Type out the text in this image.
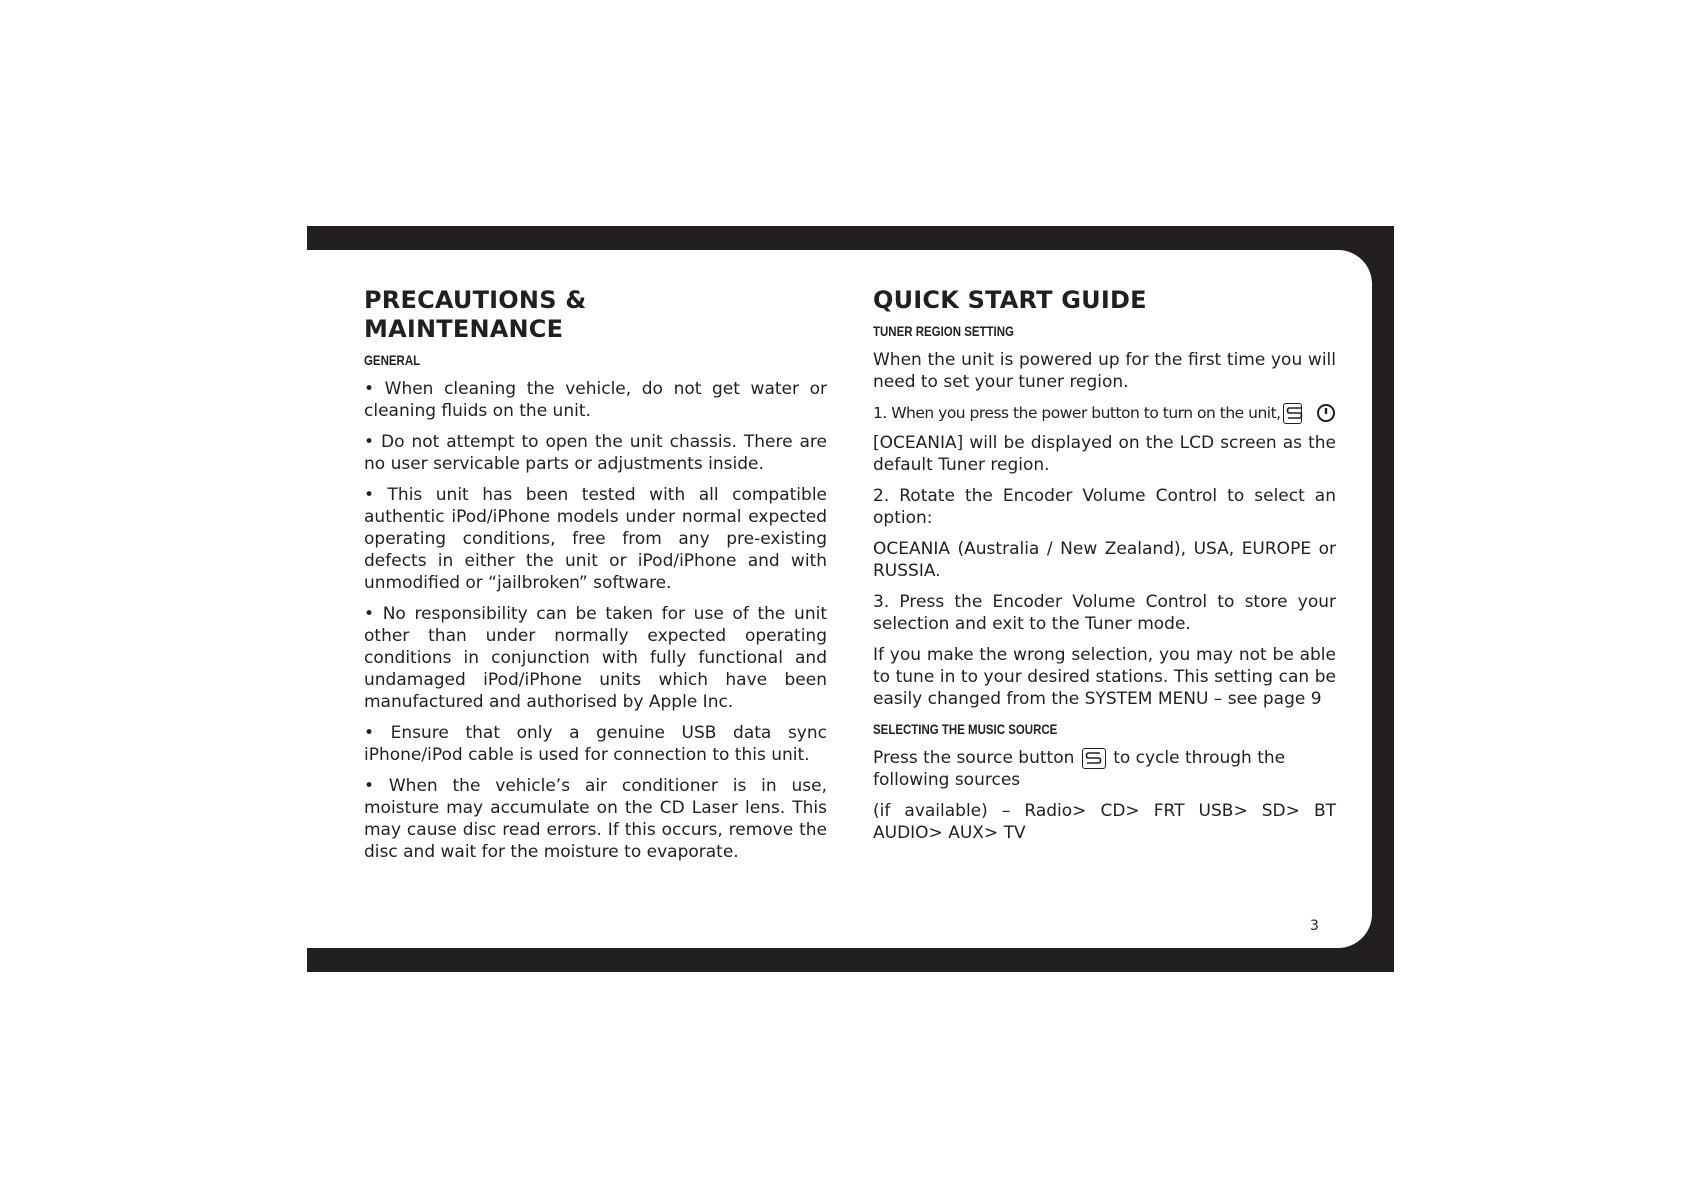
PRECAUTIONS &
MAINTENANCE
GENERAL

• When cleaning the vehicle, do not get water or cleaning fluids on the unit.

• Do not attempt to open the unit chassis. There are no user servicable parts or adjustments inside.

• This unit has been tested with all compatible authentic iPod/iPhone models under normal expected operating conditions, free from any pre-existing defects in either the unit or iPod/iPhone and with unmodified or “jailbroken” software.

• No responsibility can be taken for use of the unit other than under normally expected operating conditions in conjunction with fully functional and undamaged iPod/iPhone units which have been manufactured and authorised by Apple Inc.

• Ensure that only a genuine USB data sync iPhone/iPod cable is used for connection to this unit.

• When the vehicle’s air conditioner is in use, moisture may accumulate on the CD Laser lens. This may cause disc read errors. If this occurs, remove the disc and wait for the moisture to evaporate.

QUICK START GUIDE
TUNER REGION SETTING

When the unit is powered up for the first time you will need to set your tuner region.

1. When you press the power button to turn on the unit,

[OCEANIA] will be displayed on the LCD screen as the default Tuner region.

2. Rotate the Encoder Volume Control to select an option:

OCEANIA (Australia / New Zealand), USA, EUROPE or RUSSIA.

3. Press the Encoder Volume Control to store your selection and exit to the Tuner mode.

If you make the wrong selection, you may not be able to tune in to your desired stations. This setting can be easily changed from the SYSTEM MENU – see page 9

SELECTING THE MUSIC SOURCE

Press the source button to cycle through the following sources

(if available) – Radio> CD> FRT USB> SD> BT AUDIO> AUX> TV

3
